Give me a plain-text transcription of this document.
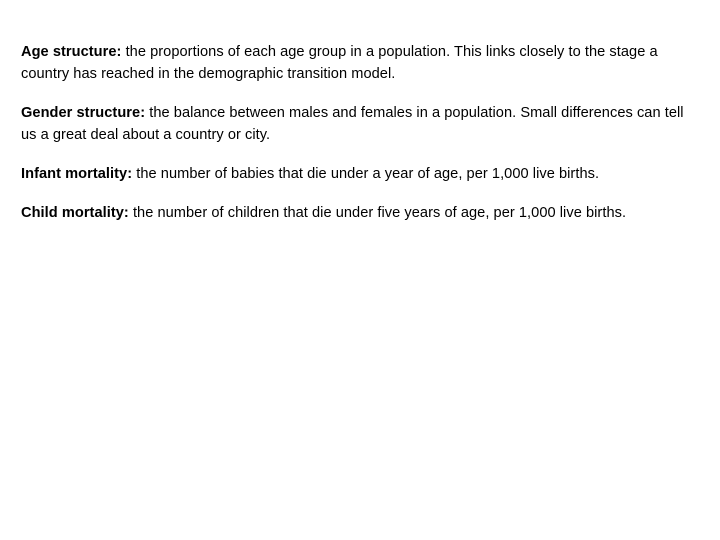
Age structure: the proportions of each age group in a population. This links closely to the stage a country has reached in the demographic transition model.

Gender structure: the balance between males and females in a population. Small differences can tell us a great deal about a country or city.

Infant mortality: the number of babies that die under a year of age, per 1,000 live births.

Child mortality: the number of children that die under five years of age, per 1,000 live births.
